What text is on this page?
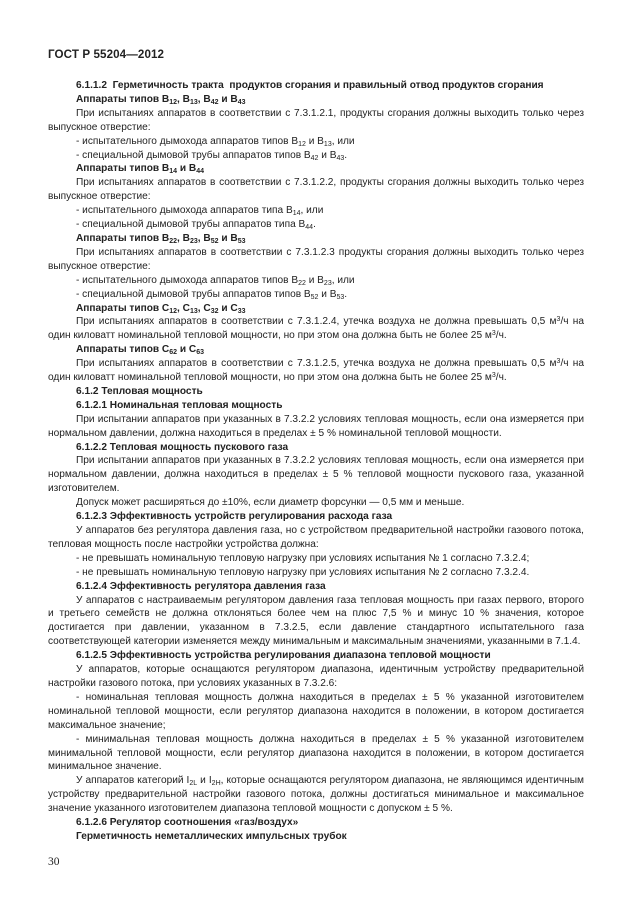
ГОСТ Р 55204—2012

6.1.1.2  Герметичность тракта  продуктов сгорания и правильный отвод продуктов сгорания

Аппараты типов $В_{12}$, $В_{13}$, $В_{42}$ и $В_{43}$

При испытаниях аппаратов в соответствии с 7.3.1.2.1, продукты сгорания должны выходить только через выпускное отверстие:

- испытательного дымохода аппаратов типов $В_{12}$ и $В_{13}$, или

- специальной дымовой трубы аппаратов типов $В_{42}$ и $В_{43}$.

Аппараты типов $В_{14}$ и $В_{44}$

При испытаниях аппаратов в соответствии с 7.3.1.2.2, продукты сгорания должны выходить только через выпускное отверстие:

- испытательного дымохода аппаратов типа $В_{14}$, или

- специальной дымовой трубы аппаратов типа $В_{44}$.

Аппараты типов $В_{22}$, $В_{23}$, $В_{52}$ и $В_{53}$

При испытаниях аппаратов в соответствии с 7.3.1.2.3 продукты сгорания должны выходить только через выпускное отверстие:

- испытательного дымохода аппаратов типов $В_{22}$ и $В_{23}$, или

- специальной дымовой трубы аппаратов типов $В_{52}$ и $В_{53}$.

Аппараты типов $С_{12}$, $С_{13}$, $С_{32}$ и $С_{33}$

При испытаниях аппаратов в соответствии с 7.3.1.2.4, утечка воздуха не должна превышать 0,5 $м^3/ч$ на один киловатт номинальной тепловой мощности, но при этом она должна быть не более 25 $м^3/ч$.

Аппараты типов $С_{62}$ и $С_{63}$

При испытаниях аппаратов в соответствии с 7.3.1.2.5, утечка воздуха не должна превышать 0,5 $м^3/ч$ на один киловатт номинальной тепловой мощности, но при этом она должна быть не более 25 $м^3/ч$.

6.1.2 Тепловая мощность

6.1.2.1 Номинальная тепловая мощность

При испытании аппаратов при указанных в 7.3.2.2 условиях тепловая мощность, если она измеряется при нормальном давлении, должна находиться в пределах ± 5 % номинальной тепловой мощности.

6.1.2.2 Тепловая мощность пускового газа

При испытании аппаратов при указанных в 7.3.2.2 условиях тепловая мощность, если она измеряется при нормальном давлении, должна находиться в пределах ± 5 % тепловой мощности пускового газа, указанной изготовителем.

Допуск может расширяться до ±10%, если диаметр форсунки — 0,5 мм и меньше.

6.1.2.3 Эффективность устройств регулирования расхода газа

У аппаратов без регулятора давления газа, но с устройством предварительной настройки газового потока, тепловая мощность после настройки устройства должна:

- не превышать номинальную тепловую нагрузку при условиях испытания № 1 согласно 7.3.2.4;

- не превышать номинальную тепловую нагрузку при условиях испытания № 2 согласно 7.3.2.4.

6.1.2.4 Эффективность регулятора давления газа

У аппаратов с настраиваемым регулятором давления газа тепловая мощность при газах первого, второго и третьего семейств не должна отклоняться более чем на плюс 7,5 % и минус 10 % значения, которое достигается при давлении, указанном в 7.3.2.5, если давление стандартного испытательного газа соответствующей категории изменяется между минимальным и максимальным значениями, указанными в 7.1.4.

6.1.2.5 Эффективность устройства регулирования диапазона тепловой мощности

У аппаратов, которые оснащаются регулятором диапазона, идентичным устройству предварительной настройки газового потока, при условиях указанных в 7.3.2.6:

- номинальная тепловая мощность должна находиться в пределах ± 5 % указанной изготовителем номинальной тепловой мощности, если регулятор диапазона находится в положении, в котором достигается максимальное значение;

- минимальная тепловая мощность должна находиться в пределах ± 5 % указанной изготовителем минимальной тепловой мощности, если регулятор диапазона находится в положении, в котором достигается минимальное значение.

У аппаратов категорий $I_{2L}$ и $I_{2H}$, которые оснащаются регулятором диапазона, не являющимся идентичным устройству предварительной настройки газового потока, должны достигаться минимальное и максимальное значение указанного изготовителем диапазона тепловой мощности с допуском ± 5 %.

6.1.2.6 Регулятор соотношения «газ/воздух»

Герметичность неметаллических импульсных трубок

30
